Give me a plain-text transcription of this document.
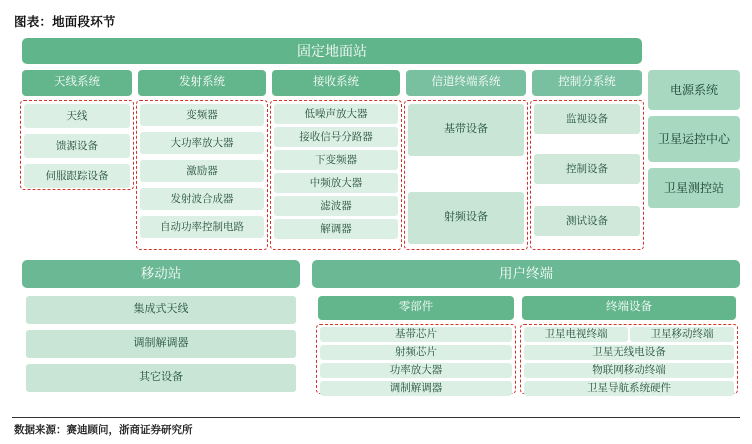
图表：地面段环节
固定地面站
天线系统	发射系统	接收系统	信道终端系统	控制分系统
电源系统
卫星运控中心
卫星测控站
天线
馈源设备
伺服跟踪设备
变频器
大功率放大器
激励器
发射波合成器
自动功率控制电路
低噪声放大器
接收信号分路器
下变频器
中频放大器
滤波器
解调器
基带设备
射频设备
监视设备
控制设备
测试设备
移动站
集成式天线
调制解调器
其它设备
用户终端
零部件	终端设备
基带芯片
射频芯片
功率放大器
调制解调器
卫星电视终端	卫星移动终端
卫星无线电设备
物联网移动终端
卫星导航系统硬件
数据来源：赛迪顾问，浙商证券研究所
